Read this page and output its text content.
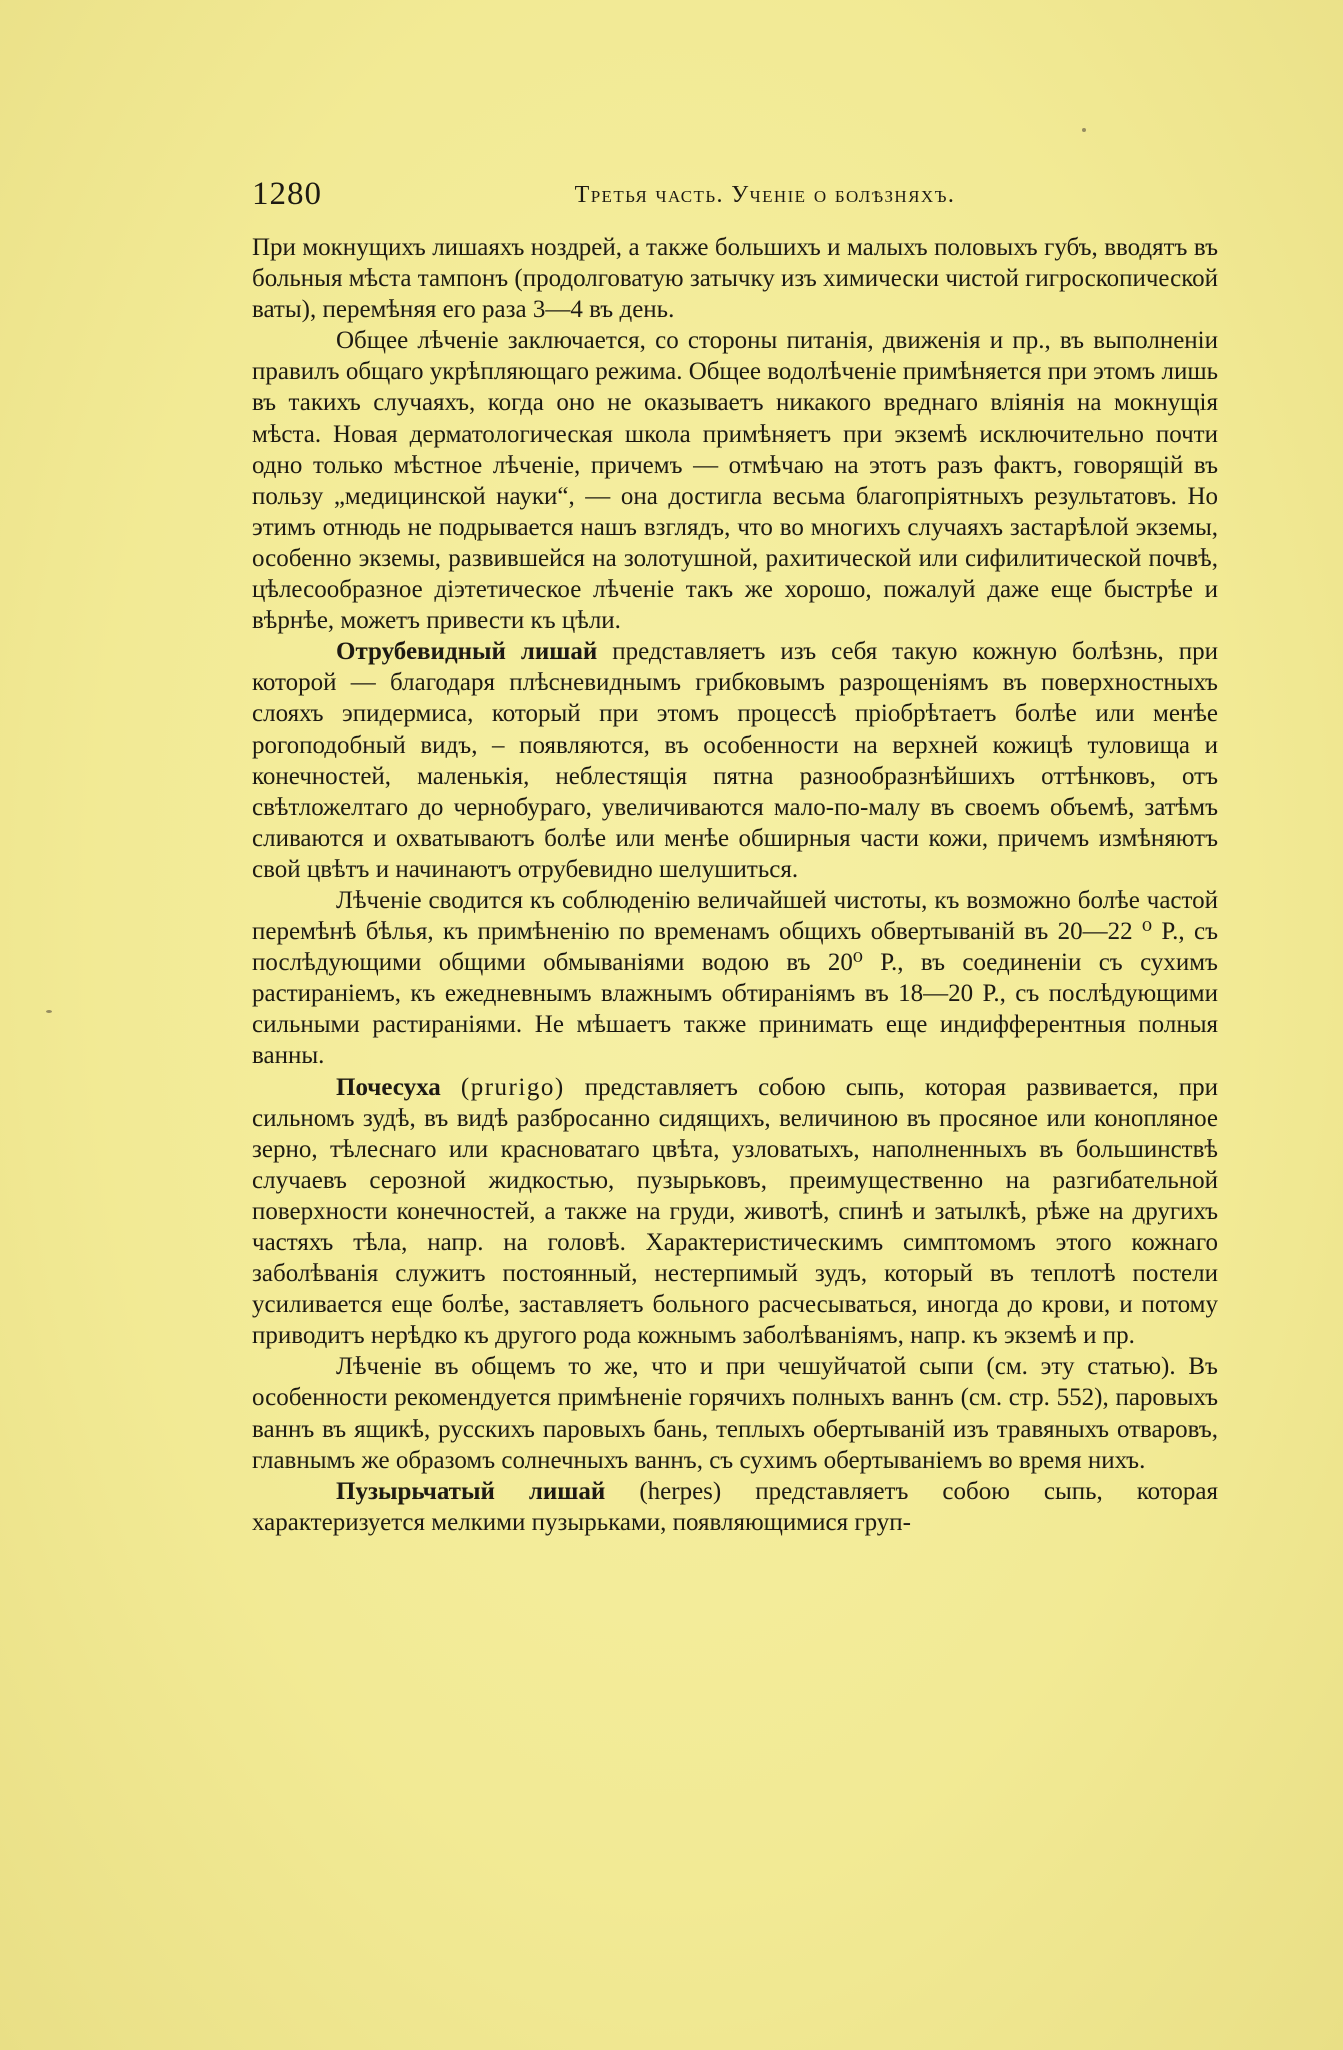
1280	Третья часть. Ученіе о болѣзняхъ.

При мокнущихъ лишаяхъ ноздрей, а также большихъ и малыхъ половыхъ губъ, вводятъ въ больныя мѣста тампонъ (продолговатую затычку изъ химически чистой гигроскопической ваты), перемѣняя его раза 3—4 въ день.

Общее лѣченіе заключается, со стороны питанія, движенія и пр., въ выполненіи правилъ общаго укрѣпляющаго режима. Общее водолѣченіе примѣняется при этомъ лишь въ такихъ случаяхъ, когда оно не оказываетъ никакого вреднаго вліянія на мокнущія мѣста. Новая дерматологическая школа примѣняетъ при экземѣ исключительно почти одно только мѣстное лѣченіе, причемъ — отмѣчаю на этотъ разъ фактъ, говорящій въ пользу „медицинской науки“, — она достигла весьма благопріятныхъ результатовъ. Но этимъ отнюдь не подрывается нашъ взглядъ, что во многихъ случаяхъ застарѣлой экземы, особенно экземы, развившейся на золотушной, рахитической или сифилитической почвѣ, цѣлесообразное діэтетическое лѣченіе такъ же хорошо, пожалуй даже еще быстрѣе и вѣрнѣе, можетъ привести къ цѣли.

Отрубевидный лишай представляетъ изъ себя такую кожную болѣзнь, при которой — благодаря плѣсневиднымъ грибковымъ разрощеніямъ въ поверхностныхъ слояхъ эпидермиса, который при этомъ процессѣ пріобрѣтаетъ болѣе или менѣе рогоподобный видъ, – появляются, въ особенности на верхней кожицѣ туловища и конечностей, маленькія, неблестящія пятна разнообразнѣйшихъ оттѣнковъ, отъ свѣтложелтаго до чернобураго, увеличиваются мало-по-малу въ своемъ объемѣ, затѣмъ сливаются и охватываютъ болѣе или менѣе обширныя части кожи, причемъ измѣняютъ свой цвѣтъ и начинаютъ отрубевидно шелушиться.

Лѣченіе сводится къ соблюденію величайшей чистоты, къ возможно болѣе частой перемѣнѣ бѣлья, къ примѣненію по временамъ общихъ обвертываній въ 20—22 ⁰ Р., съ послѣдующими общими обмываніями водою въ 20⁰ Р., въ соединеніи съ сухимъ растираніемъ, къ ежедневнымъ влажнымъ обтираніямъ въ 18—20 Р., съ послѣдующими сильными растираніями. Не мѣшаетъ также принимать еще индифферентныя полныя ванны.

Почесуха (prurigo) представляетъ собою сыпь, которая развивается, при сильномъ зудѣ, въ видѣ разбросанно сидящихъ, величиною въ просяное или конопляное зерно, тѣлеснаго или красноватаго цвѣта, узловатыхъ, наполненныхъ въ большинствѣ случаевъ серозной жидкостью, пузырьковъ, преимущественно на разгибательной поверхности конечностей, а также на груди, животѣ, спинѣ и затылкѣ, рѣже на другихъ частяхъ тѣла, напр. на головѣ. Характеристическимъ симптомомъ этого кожнаго заболѣванія служитъ постоянный, нестерпимый зудъ, который въ теплотѣ постели усиливается еще болѣе, заставляетъ больного расчесываться, иногда до крови, и потому приводитъ нерѣдко къ другого рода кожнымъ заболѣваніямъ, напр. къ экземѣ и пр.

Лѣченіе въ общемъ то же, что и при чешуйчатой сыпи (см. эту статью). Въ особенности рекомендуется примѣненіе горячихъ полныхъ ваннъ (см. стр. 552), паровыхъ ваннъ въ ящикѣ, русскихъ паровыхъ бань, теплыхъ обертываній изъ травяныхъ отваровъ, главнымъ же образомъ солнечныхъ ваннъ, съ сухимъ обертываніемъ во время нихъ.

Пузырьчатый лишай (herpes) представляетъ собою сыпь, которая характеризуется мелкими пузырьками, появляющимися груп-
